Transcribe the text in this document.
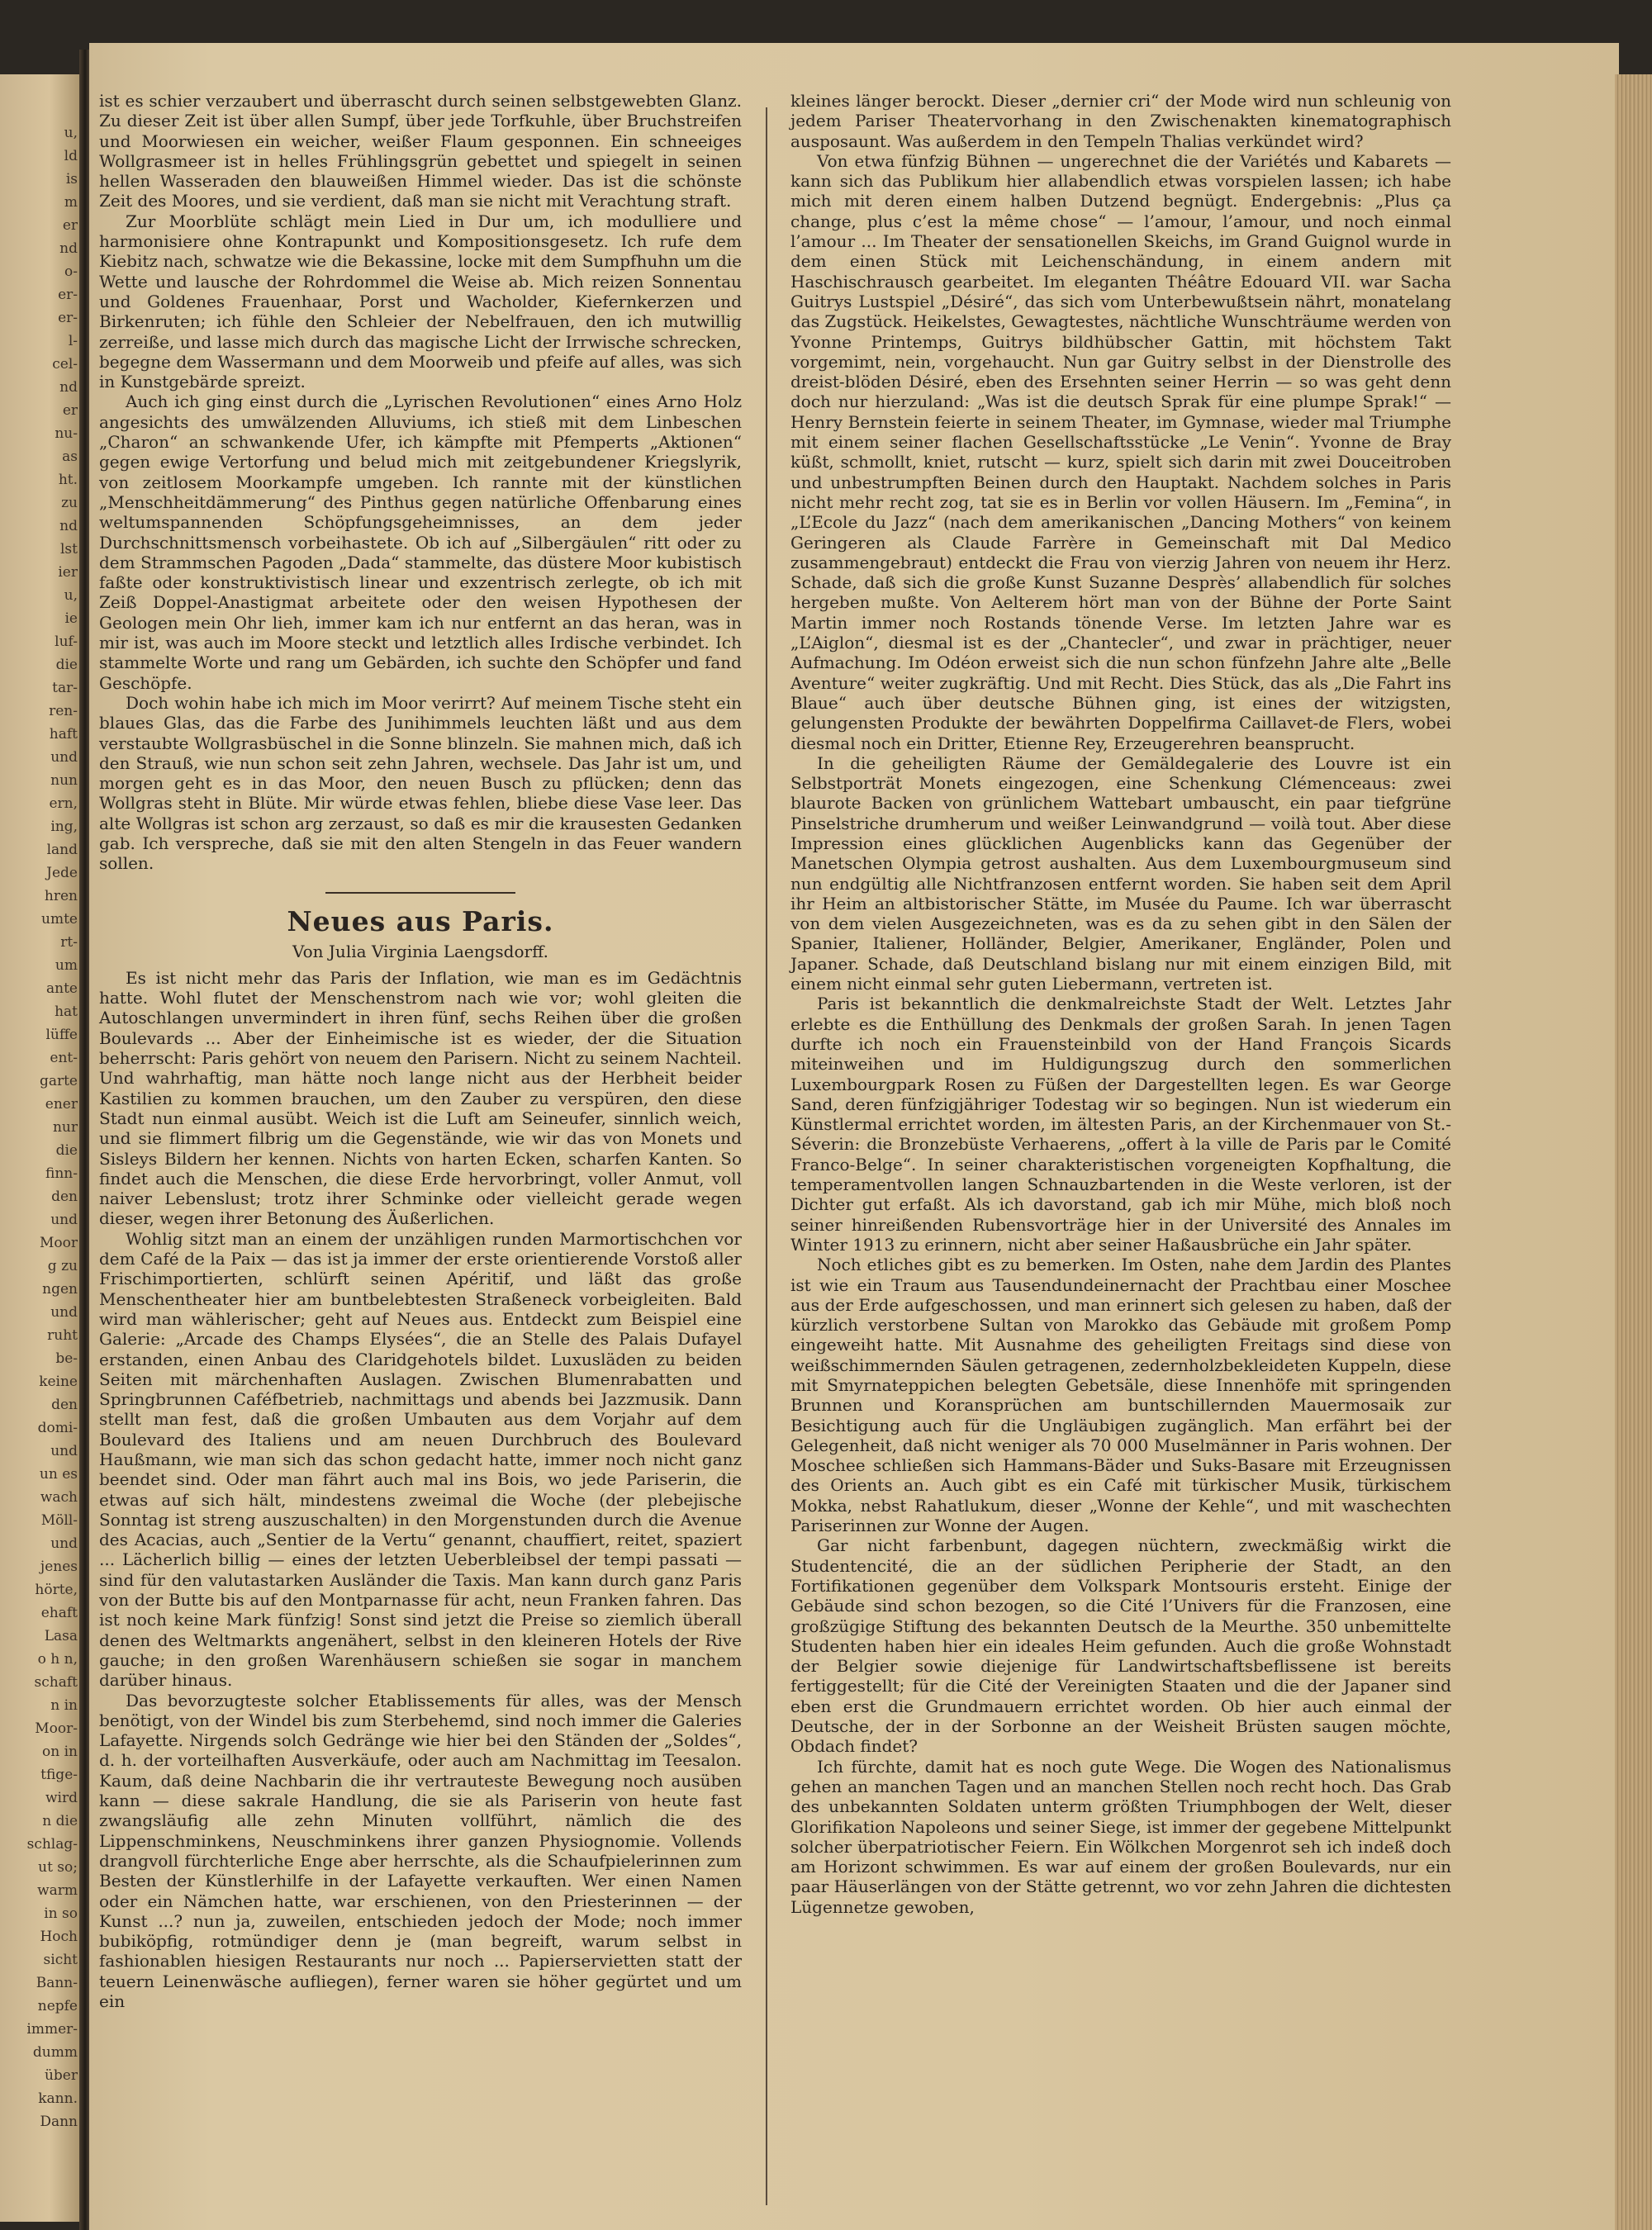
u,
ld
is
m
er
nd
o-
er-
er-
l-
cel-
nd
er
nu-
as
ht.
zu
nd
lst
ier
u,
ie
luf-
die
tar-
ren-
haft
und
nun
ern,
ing,
land
Jede
hren
umte
rt-
um
ante
hat
lüffe
ent-
garte
ener
nur
die
finn-
den
und
Moor
g zu
ngen
und
ruht
be-
keine
den
domi-
und
un es
wach
Möll-
und
jenes
hörte,
ehaft
Lasa
o h n,
schaft
n in
Moor-
on in
tfige-
wird
n die
schlag-
ut so;
warm
in so
Hoch
sicht
Bann-
nepfe
immer-
dumm
über
kann.
Dann

ist es schier verzaubert und überrascht durch seinen selbstgewebten Glanz. Zu dieser Zeit ist über allen Sumpf, über jede Torfkuhle, über Bruchstreifen und Moorwiesen ein weicher, weißer Flaum gesponnen. Ein schneeiges Wollgrasmeer ist in helles Frühlingsgrün gebettet und spiegelt in seinen hellen Wasseraden den blauweißen Himmel wieder. Das ist die schönste Zeit des Moores, und sie verdient, daß man sie nicht mit Verachtung straft.

Zur Moorblüte schlägt mein Lied in Dur um, ich modulliere und harmonisiere ohne Kontrapunkt und Kompositionsgesetz. Ich rufe dem Kiebitz nach, schwatze wie die Bekassine, locke mit dem Sumpfhuhn um die Wette und lausche der Rohrdommel die Weise ab. Mich reizen Sonnentau und Goldenes Frauenhaar, Porst und Wacholder, Kiefernkerzen und Birkenruten; ich fühle den Schleier der Nebelfrauen, den ich mutwillig zerreiße, und lasse mich durch das magische Licht der Irrwische schrecken, begegne dem Wassermann und dem Moorweib und pfeife auf alles, was sich in Kunstgebärde spreizt.

Auch ich ging einst durch die „Lyrischen Revolutionen“ eines Arno Holz angesichts des umwälzenden Alluviums, ich stieß mit dem Linbeschen „Charon“ an schwankende Ufer, ich kämpfte mit Pfemperts „Aktionen“ gegen ewige Vertorfung und belud mich mit zeitgebundener Kriegslyrik, von zeitlosem Moorkampfe umgeben. Ich rannte mit der künstlichen „Menschheitdämmerung“ des Pinthus gegen natürliche Offenbarung eines weltumspannenden Schöpfungsgeheimnisses, an dem jeder Durchschnittsmensch vorbeihastete. Ob ich auf „Silbergäulen“ ritt oder zu dem Strammschen Pagoden „Dada“ stammelte, das düstere Moor kubistisch faßte oder konstruktivistisch linear und exzentrisch zerlegte, ob ich mit Zeiß Doppel-Anastigmat arbeitete oder den weisen Hypothesen der Geologen mein Ohr lieh, immer kam ich nur entfernt an das heran, was in mir ist, was auch im Moore steckt und letztlich alles Irdische verbindet. Ich stammelte Worte und rang um Gebärden, ich suchte den Schöpfer und fand Geschöpfe.

Doch wohin habe ich mich im Moor verirrt? Auf meinem Tische steht ein blaues Glas, das die Farbe des Junihimmels leuchten läßt und aus dem verstaubte Wollgrasbüschel in die Sonne blinzeln. Sie mahnen mich, daß ich den Strauß, wie nun schon seit zehn Jahren, wechsele. Das Jahr ist um, und morgen geht es in das Moor, den neuen Busch zu pflücken; denn das Wollgras steht in Blüte. Mir würde etwas fehlen, bliebe diese Vase leer. Das alte Wollgras ist schon arg zerzaust, so daß es mir die krausesten Gedanken gab. Ich verspreche, daß sie mit den alten Stengeln in das Feuer wandern sollen.

Neues aus Paris.

Von Julia Virginia Laengsdorff.

Es ist nicht mehr das Paris der Inflation, wie man es im Gedächtnis hatte. Wohl flutet der Menschenstrom nach wie vor; wohl gleiten die Autoschlangen unvermindert in ihren fünf, sechs Reihen über die großen Boulevards ... Aber der Einheimische ist es wieder, der die Situation beherrscht: Paris gehört von neuem den Parisern. Nicht zu seinem Nachteil. Und wahrhaftig, man hätte noch lange nicht aus der Herbheit beider Kastilien zu kommen brauchen, um den Zauber zu verspüren, den diese Stadt nun einmal ausübt. Weich ist die Luft am Seineufer, sinnlich weich, und sie flimmert filbrig um die Gegenstände, wie wir das von Monets und Sisleys Bildern her kennen. Nichts von harten Ecken, scharfen Kanten. So findet auch die Menschen, die diese Erde hervorbringt, voller Anmut, voll naiver Lebenslust; trotz ihrer Schminke oder vielleicht gerade wegen dieser, wegen ihrer Betonung des Äußerlichen.

Wohlig sitzt man an einem der unzähligen runden Marmortischchen vor dem Café de la Paix — das ist ja immer der erste orientierende Vorstoß aller Frischimportierten, schlürft seinen Apéritif, und läßt das große Menschentheater hier am buntbelebtesten Straßeneck vorbeigleiten. Bald wird man wählerischer; geht auf Neues aus. Entdeckt zum Beispiel eine Galerie: „Arcade des Champs Elysées“, die an Stelle des Palais Dufayel erstanden, einen Anbau des Claridgehotels bildet. Luxusläden zu beiden Seiten mit märchenhaften Auslagen. Zwischen Blumenrabatten und Springbrunnen Caféfbetrieb, nachmittags und abends bei Jazzmusik. Dann stellt man fest, daß die großen Umbauten aus dem Vorjahr auf dem Boulevard des Italiens und am neuen Durchbruch des Boulevard Haußmann, wie man sich das schon gedacht hatte, immer noch nicht ganz beendet sind. Oder man fährt auch mal ins Bois, wo jede Pariserin, die etwas auf sich hält, mindestens zweimal die Woche (der plebejische Sonntag ist streng auszuschalten) in den Morgenstunden durch die Avenue des Acacias, auch „Sentier de la Vertu“ genannt, chauffiert, reitet, spaziert ... Lächerlich billig — eines der letzten Ueberbleibsel der tempi passati — sind für den valutastarken Ausländer die Taxis. Man kann durch ganz Paris von der Butte bis auf den Montparnasse für acht, neun Franken fahren. Das ist noch keine Mark fünfzig! Sonst sind jetzt die Preise so ziemlich überall denen des Weltmarkts angenähert, selbst in den kleineren Hotels der Rive gauche; in den großen Warenhäusern schießen sie sogar in manchem darüber hinaus.

Das bevorzugteste solcher Etablissements für alles, was der Mensch benötigt, von der Windel bis zum Sterbehemd, sind noch immer die Galeries Lafayette. Nirgends solch Gedränge wie hier bei den Ständen der „Soldes“, d. h. der vorteilhaften Ausverkäufe, oder auch am Nachmittag im Teesalon. Kaum, daß deine Nachbarin die ihr vertrauteste Bewegung noch ausüben kann — diese sakrale Handlung, die sie als Pariserin von heute fast zwangsläufig alle zehn Minuten vollführt, nämlich die des Lippenschminkens, Neuschminkens ihrer ganzen Physiognomie. Vollends drangvoll fürchterliche Enge aber herrschte, als die Schaufpielerinnen zum Besten der Künstlerhilfe in der Lafayette verkauften. Wer einen Namen oder ein Nämchen hatte, war erschienen, von den Priesterinnen — der Kunst ...? nun ja, zuweilen, entschieden jedoch der Mode; noch immer bubiköpfig, rotmündiger denn je (man begreift, warum selbst in fashionablen hiesigen Restaurants nur noch ... Papierservietten statt der teuern Leinenwäsche aufliegen), ferner waren sie höher gegürtet und um ein

kleines länger berockt. Dieser „dernier cri“ der Mode wird nun schleunig von jedem Pariser Theatervorhang in den Zwischenakten kinematographisch ausposaunt. Was außerdem in den Tempeln Thalias verkündet wird?

Von etwa fünfzig Bühnen — ungerechnet die der Variétés und Kabarets — kann sich das Publikum hier allabendlich etwas vorspielen lassen; ich habe mich mit deren einem halben Dutzend begnügt. Endergebnis: „Plus ça change, plus c’est la même chose“ — l’amour, l’amour, und noch einmal l’amour ... Im Theater der sensationellen Skeichs, im Grand Guignol wurde in dem einen Stück mit Leichenschändung, in einem andern mit Haschischrausch gearbeitet. Im eleganten Théâtre Edouard VII. war Sacha Guitrys Lustspiel „Désiré“, das sich vom Unterbewußtsein nährt, monatelang das Zugstück. Heikelstes, Gewagtestes, nächtliche Wunschträume werden von Yvonne Printemps, Guitrys bildhübscher Gattin, mit höchstem Takt vorgemimt, nein, vorgehaucht. Nun gar Guitry selbst in der Dienstrolle des dreist-blöden Désiré, eben des Ersehnten seiner Herrin — so was geht denn doch nur hierzuland: „Was ist die deutsch Sprak für eine plumpe Sprak!“ — Henry Bernstein feierte in seinem Theater, im Gymnase, wieder mal Triumphe mit einem seiner flachen Gesellschaftsstücke „Le Venin“. Yvonne de Bray küßt, schmollt, kniet, rutscht — kurz, spielt sich darin mit zwei Douceitroben und unbestrumpften Beinen durch den Hauptakt. Nachdem solches in Paris nicht mehr recht zog, tat sie es in Berlin vor vollen Häusern. Im „Femina“, in „L’Ecole du Jazz“ (nach dem amerikanischen „Dancing Mothers“ von keinem Geringeren als Claude Farrère in Gemeinschaft mit Dal Medico zusammengebraut) entdeckt die Frau von vierzig Jahren von neuem ihr Herz. Schade, daß sich die große Kunst Suzanne Desprès’ allabendlich für solches hergeben mußte. Von Aelterem hört man von der Bühne der Porte Saint Martin immer noch Rostands tönende Verse. Im letzten Jahre war es „L’Aiglon“, diesmal ist es der „Chantecler“, und zwar in prächtiger, neuer Aufmachung. Im Odéon erweist sich die nun schon fünfzehn Jahre alte „Belle Aventure“ weiter zugkräftig. Und mit Recht. Dies Stück, das als „Die Fahrt ins Blaue“ auch über deutsche Bühnen ging, ist eines der witzigsten, gelungensten Produkte der bewährten Doppelfirma Caillavet-de Flers, wobei diesmal noch ein Dritter, Etienne Rey, Erzeugerehren beansprucht.

In die geheiligten Räume der Gemäldegalerie des Louvre ist ein Selbstporträt Monets eingezogen, eine Schenkung Clémenceaus: zwei blaurote Backen von grünlichem Wattebart umbauscht, ein paar tiefgrüne Pinselstriche drumherum und weißer Leinwandgrund — voilà tout. Aber diese Impression eines glücklichen Augenblicks kann das Gegenüber der Manetschen Olympia getrost aushalten. Aus dem Luxembourgmuseum sind nun endgültig alle Nichtfranzosen entfernt worden. Sie haben seit dem April ihr Heim an altbistorischer Stätte, im Musée du Paume. Ich war überrascht von dem vielen Ausgezeichneten, was es da zu sehen gibt in den Sälen der Spanier, Italiener, Holländer, Belgier, Amerikaner, Engländer, Polen und Japaner. Schade, daß Deutschland bislang nur mit einem einzigen Bild, mit einem nicht einmal sehr guten Liebermann, vertreten ist.

Paris ist bekanntlich die denkmalreichste Stadt der Welt. Letztes Jahr erlebte es die Enthüllung des Denkmals der großen Sarah. In jenen Tagen durfte ich noch ein Frauensteinbild von der Hand François Sicards miteinweihen und im Huldigungszug durch den sommerlichen Luxembourgpark Rosen zu Füßen der Dargestellten legen. Es war George Sand, deren fünfzigjähriger Todestag wir so begingen. Nun ist wiederum ein Künstlermal errichtet worden, im ältesten Paris, an der Kirchenmauer von St.-Séverin: die Bronzebüste Verhaerens, „offert à la ville de Paris par le Comité Franco-Belge“. In seiner charakteristischen vorgeneigten Kopfhaltung, die temperamentvollen langen Schnauzbartenden in die Weste verloren, ist der Dichter gut erfaßt. Als ich davorstand, gab ich mir Mühe, mich bloß noch seiner hinreißenden Rubensvorträge hier in der Université des Annales im Winter 1913 zu erinnern, nicht aber seiner Haßausbrüche ein Jahr später.

Noch etliches gibt es zu bemerken. Im Osten, nahe dem Jardin des Plantes ist wie ein Traum aus Tausendundeinernacht der Prachtbau einer Moschee aus der Erde aufgeschossen, und man erinnert sich gelesen zu haben, daß der kürzlich verstorbene Sultan von Marokko das Gebäude mit großem Pomp eingeweiht hatte. Mit Ausnahme des geheiligten Freitags sind diese von weißschimmernden Säulen getragenen, zedernholzbekleideten Kuppeln, diese mit Smyrnateppichen belegten Gebetsäle, diese Innenhöfe mit springenden Brunnen und Koransprüchen am buntschillernden Mauermosaik zur Besichtigung auch für die Ungläubigen zugänglich. Man erfährt bei der Gelegenheit, daß nicht weniger als 70 000 Muselmänner in Paris wohnen. Der Moschee schließen sich Hammans-Bäder und Suks-Basare mit Erzeugnissen des Orients an. Auch gibt es ein Café mit türkischer Musik, türkischem Mokka, nebst Rahatlukum, dieser „Wonne der Kehle“, und mit waschechten Pariserinnen zur Wonne der Augen.

Gar nicht farbenbunt, dagegen nüchtern, zweckmäßig wirkt die Studentencité, die an der südlichen Peripherie der Stadt, an den Fortifikationen gegenüber dem Volkspark Montsouris ersteht. Einige der Gebäude sind schon bezogen, so die Cité l’Univers für die Franzosen, eine großzügige Stiftung des bekannten Deutsch de la Meurthe. 350 unbemittelte Studenten haben hier ein ideales Heim gefunden. Auch die große Wohnstadt der Belgier sowie diejenige für Landwirtschaftsbeflissene ist bereits fertiggestellt; für die Cité der Vereinigten Staaten und die der Japaner sind eben erst die Grundmauern errichtet worden. Ob hier auch einmal der Deutsche, der in der Sorbonne an der Weisheit Brüsten saugen möchte, Obdach findet?

Ich fürchte, damit hat es noch gute Wege. Die Wogen des Nationalismus gehen an manchen Tagen und an manchen Stellen noch recht hoch. Das Grab des unbekannten Soldaten unterm größten Triumphbogen der Welt, dieser Glorifikation Napoleons und seiner Siege, ist immer der gegebene Mittelpunkt solcher überpatriotischer Feiern. Ein Wölkchen Morgenrot seh ich indeß doch am Horizont schwimmen. Es war auf einem der großen Boulevards, nur ein paar Häuserlängen von der Stätte getrennt, wo vor zehn Jahren die dichtesten Lügennetze gewoben,
